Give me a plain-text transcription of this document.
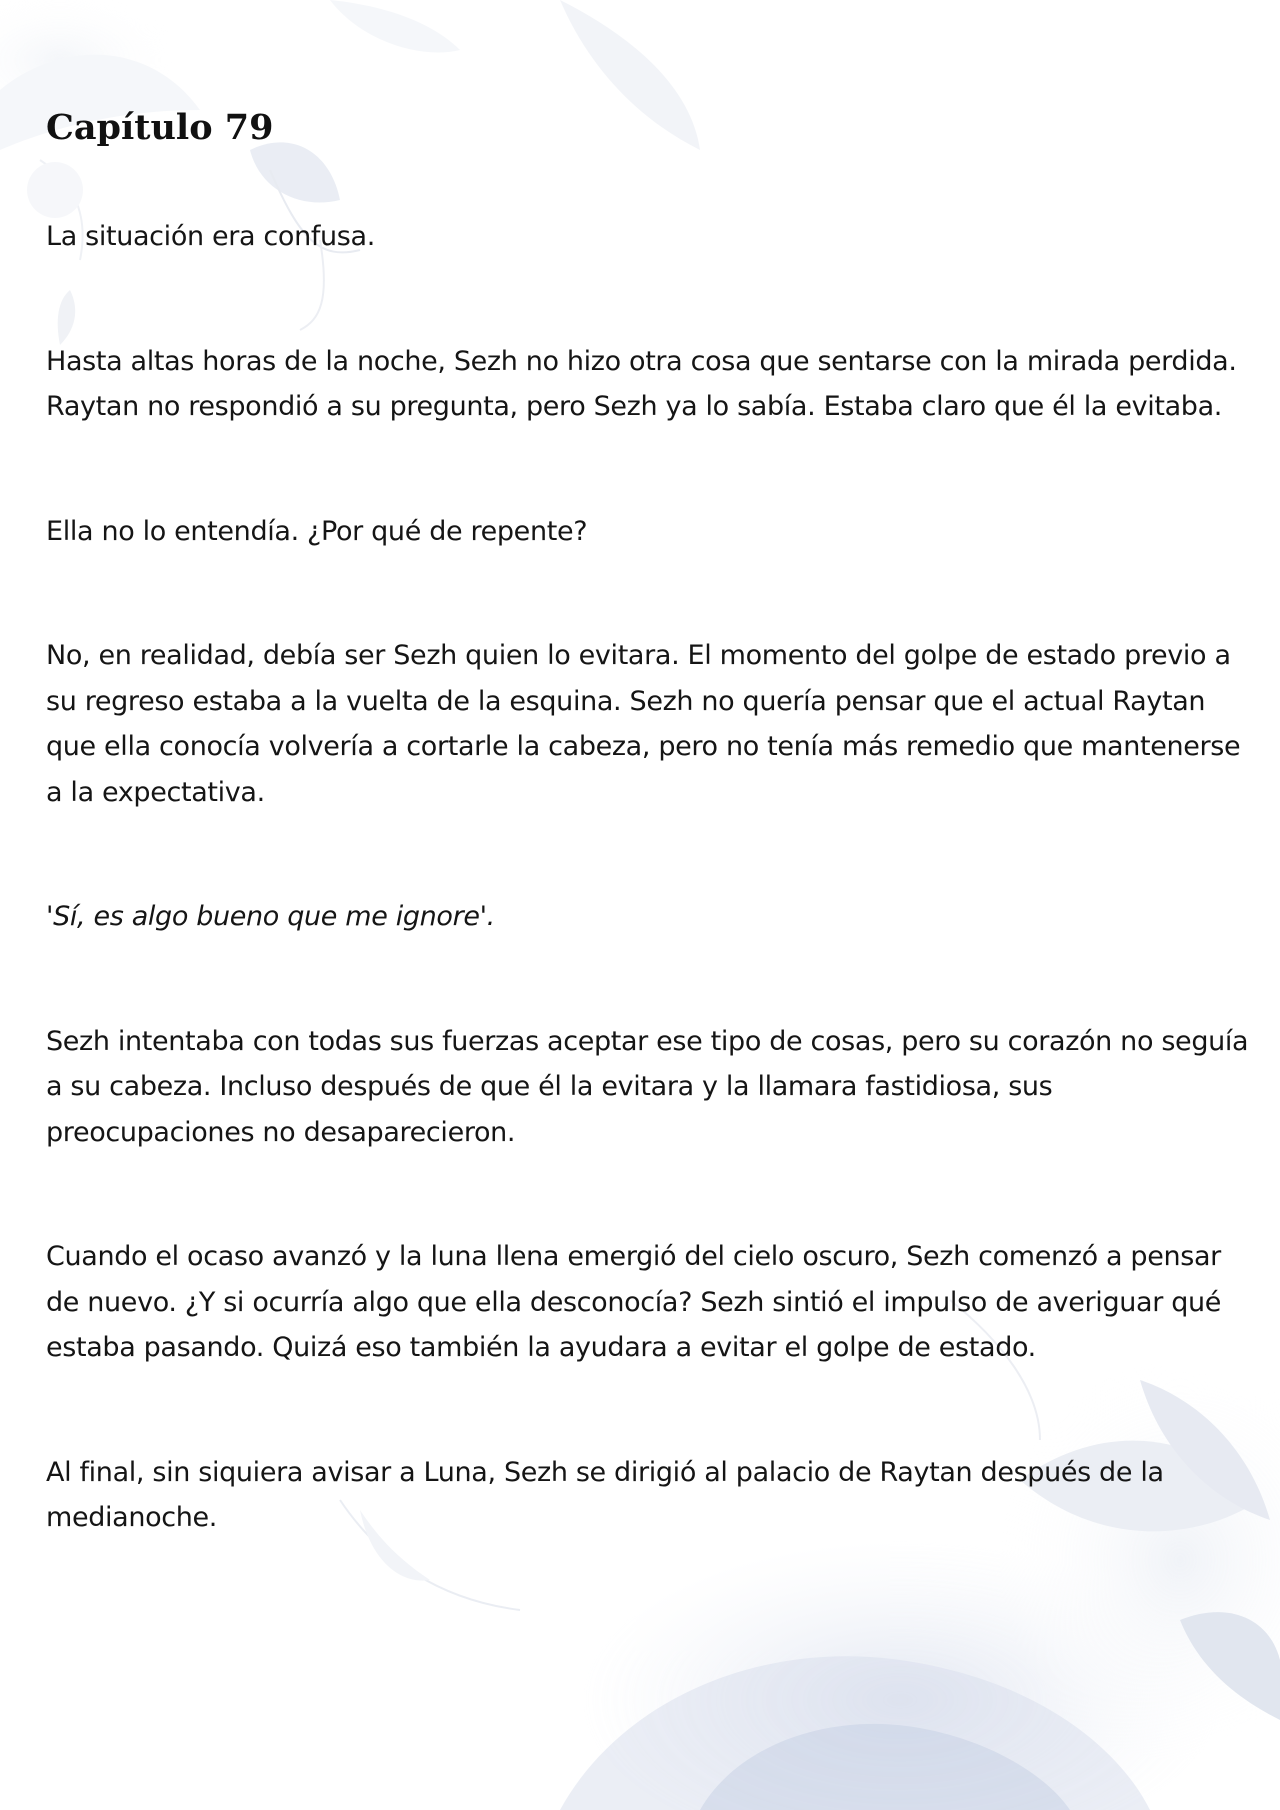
Capítulo 79

La situación era confusa.

Hasta altas horas de la noche, Sezh no hizo otra cosa que sentarse con la mirada perdida. Raytan no respondió a su pregunta, pero Sezh ya lo sabía. Estaba claro que él la evitaba.

Ella no lo entendía. ¿Por qué de repente?

No, en realidad, debía ser Sezh quien lo evitara. El momento del golpe de estado previo a su regreso estaba a la vuelta de la esquina. Sezh no quería pensar que el actual Raytan que ella conocía volvería a cortarle la cabeza, pero no tenía más remedio que mantenerse a la expectativa.

'Sí, es algo bueno que me ignore'.

Sezh intentaba con todas sus fuerzas aceptar ese tipo de cosas, pero su corazón no seguía a su cabeza. Incluso después de que él la evitara y la llamara fastidiosa, sus preocupaciones no desaparecieron.

Cuando el ocaso avanzó y la luna llena emergió del cielo oscuro, Sezh comenzó a pensar de nuevo. ¿Y si ocurría algo que ella desconocía? Sezh sintió el impulso de averiguar qué estaba pasando. Quizá eso también la ayudara a evitar el golpe de estado.

Al final, sin siquiera avisar a Luna, Sezh se dirigió al palacio de Raytan después de la medianoche.
